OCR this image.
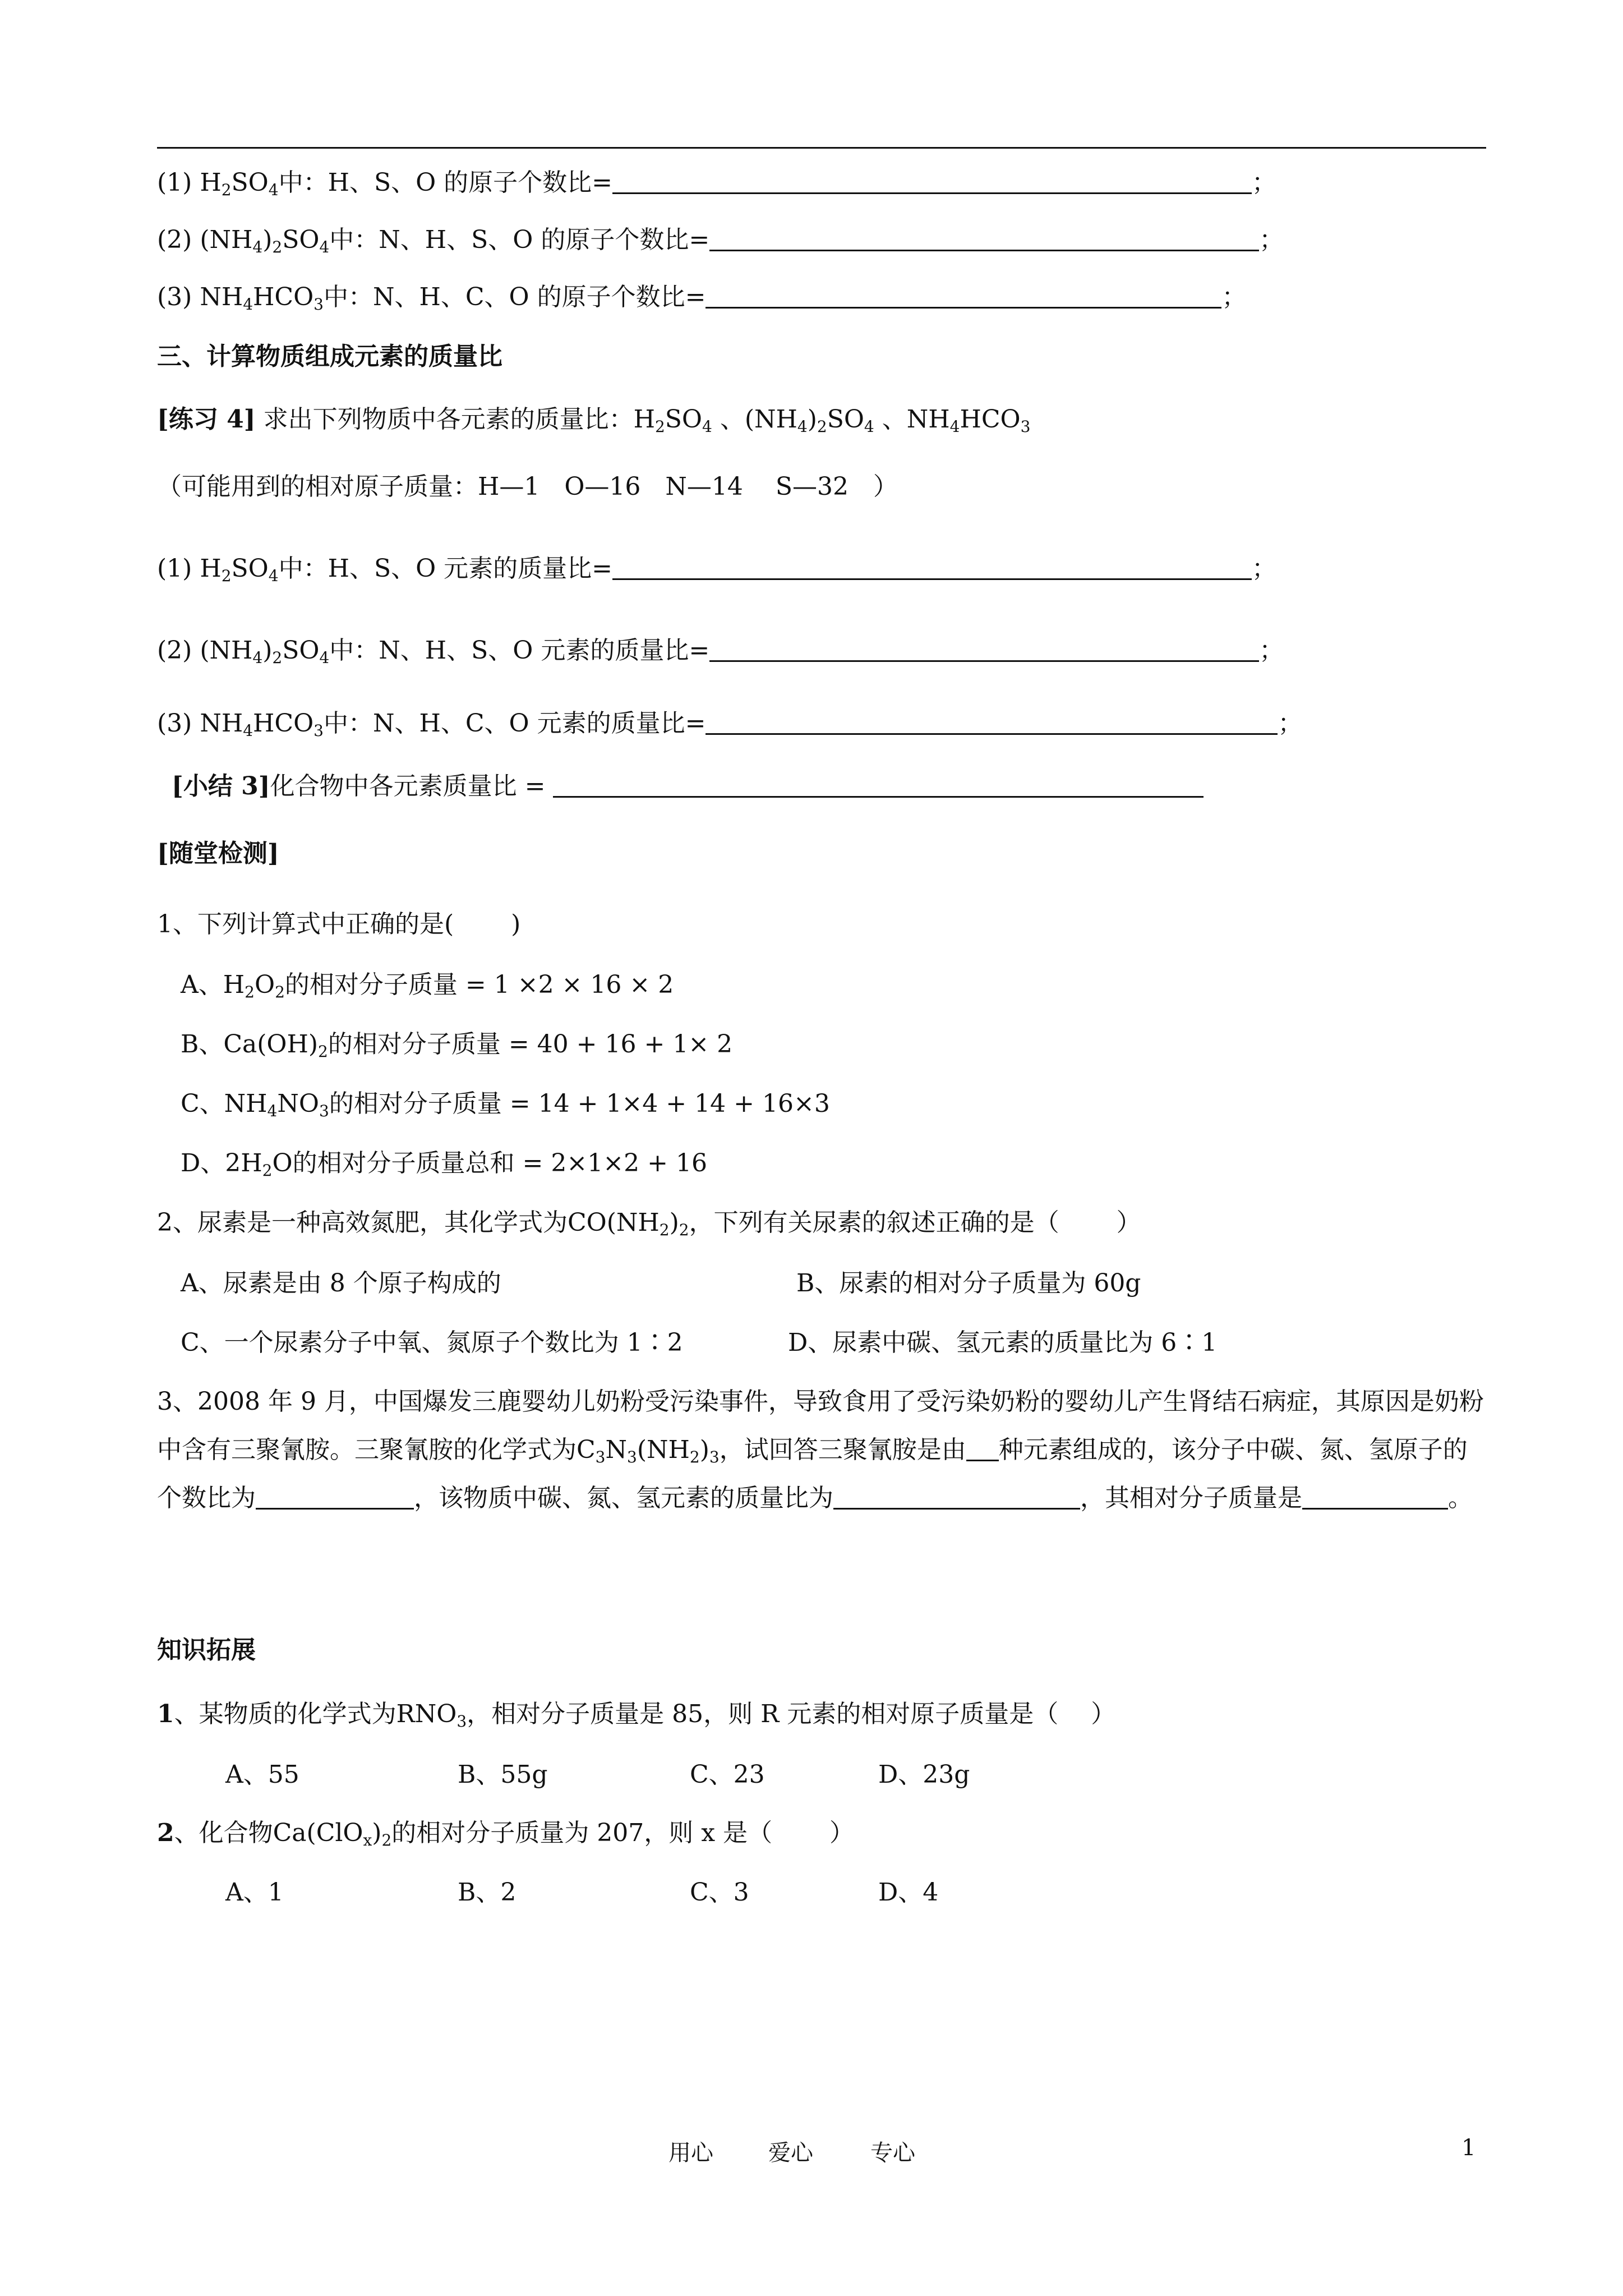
(1) $H_2SO_4$中：H、S、O 的原子个数比=	；
(2) $(NH_4)_2SO_4$中：N、H、S、O 的原子个数比=	；
(3) $NH_4HCO_3$中：N、H、C、O 的原子个数比=	；
三、计算物质组成元素的质量比
[练习 4] 求出下列物质中各元素的质量比：$H_2SO_4$ 、$(NH_4)_2SO_4$ 、$NH_4HCO_3$
（可能用到的相对原子质量：H—1　O—16　N—14　 S—32　）
(1) $H_2SO_4$中：H、S、O 元素的质量比=	；
(2) $(NH_4)_2SO_4$中：N、H、S、O 元素的质量比=	；
(3) $NH_4HCO_3$中：N、H、C、O 元素的质量比=	；
[小结 3]化合物中各元素质量比 =
[随堂检测]
1、下列计算式中正确的是(　　 )
A、$H_2O_2$的相对分子质量 = 1 ×2 × 16 × 2
B、$Ca(OH)_2$的相对分子质量 = 40 + 16 + 1× 2
C、$NH_4NO_3$的相对分子质量 = 14 + 1×4 + 14 + 16×3
D、$2H_2O$的相对分子质量总和 = 2×1×2 + 16
2、尿素是一种高效氮肥，其化学式为$CO(NH_2)_2$，下列有关尿素的叙述正确的是（　　 ）
A、尿素是由 8 个原子构成的	B、尿素的相对分子质量为 60g
C、一个尿素分子中氧、氮原子个数比为 1∶2	D、尿素中碳、氢元素的质量比为 6∶1
3、2008 年 9 月，中国爆发三鹿婴幼儿奶粉受污染事件，导致食用了受污染奶粉的婴幼儿产生肾结石病症，其原因是奶粉中含有三聚氰胺。三聚氰胺的化学式为$C_3N_3(NH_2)_3$，试回答三聚氰胺是由 种元素组成的，该分子中碳、氮、氢原子的个数比为	，该物质中碳、氮、氢元素的质量比为	，其相对分子质量是	。
知识拓展
1、某物质的化学式为$RNO_3$，相对分子质量是 85，则 R 元素的相对原子质量是（　 ）
A、55	B、55g	C、23	D、23g
2、化合物$Ca(ClO_x)_2$的相对分子质量为 207，则 x 是（　　 ）
A、1	B、2	C、3	D、4
用心 爱心	专心	1
